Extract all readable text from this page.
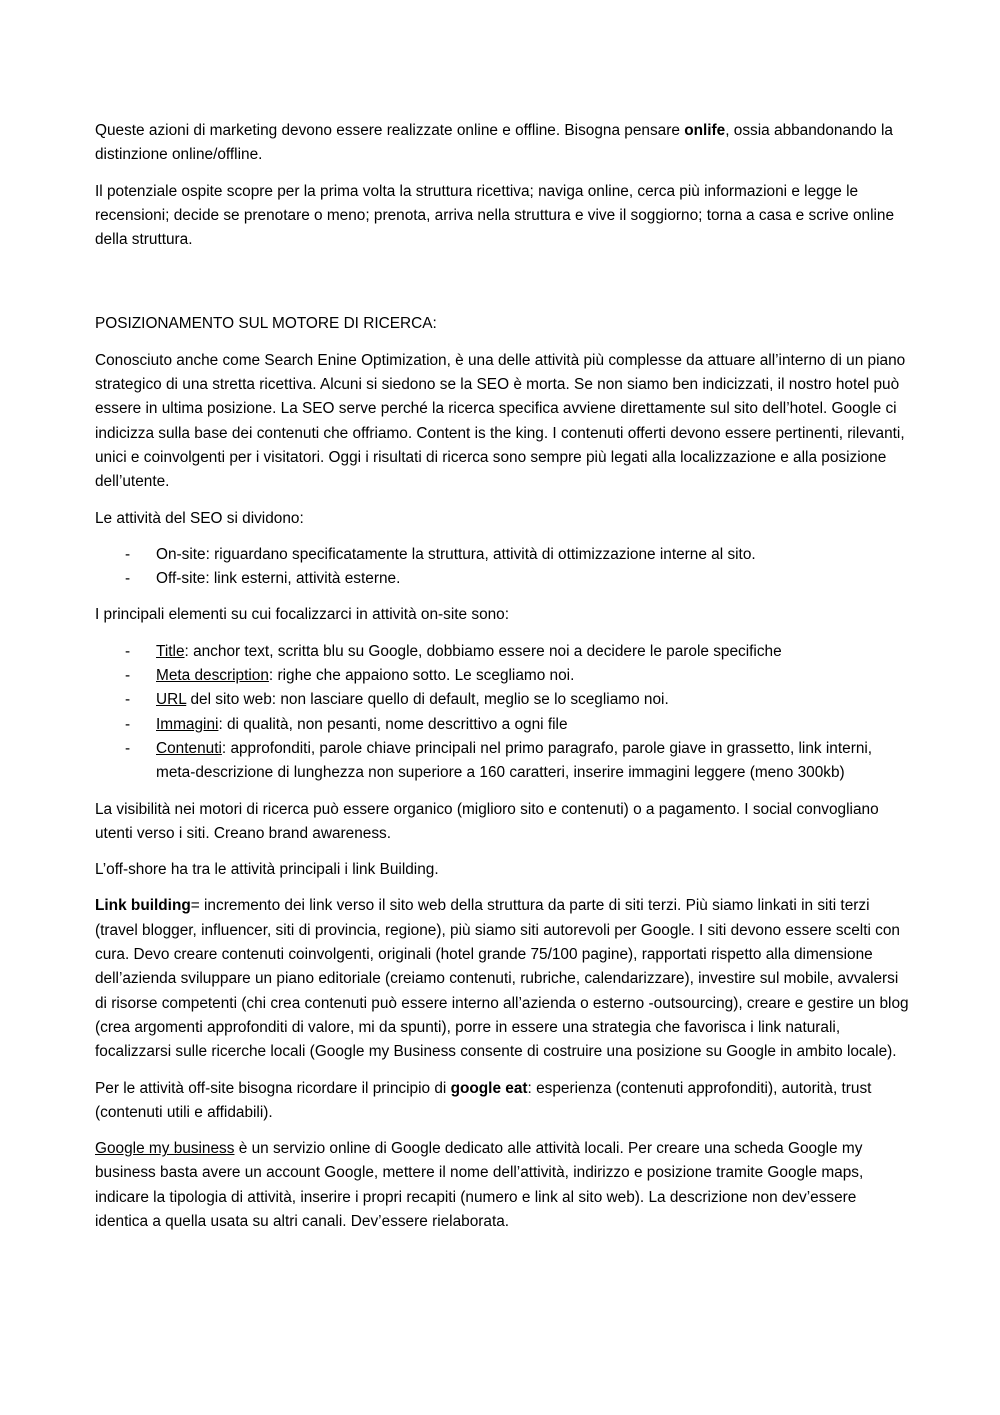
Queste azioni di marketing devono essere realizzate online e offline. Bisogna pensare onlife, ossia abbandonando la distinzione online/offline.

Il potenziale ospite scopre per la prima volta la struttura ricettiva; naviga online, cerca più informazioni e legge le recensioni; decide se prenotare o meno; prenota, arriva nella struttura e vive il soggiorno; torna a casa e scrive online della struttura.

POSIZIONAMENTO SUL MOTORE DI RICERCA:

Conosciuto anche come Search Enine Optimization, è una delle attività più complesse da attuare all’interno di un piano strategico di una stretta ricettiva. Alcuni si siedono se la SEO è morta. Se non siamo ben indicizzati, il nostro hotel può essere in ultima posizione. La SEO serve perché la ricerca specifica avviene direttamente sul sito dell’hotel. Google ci indicizza sulla base dei contenuti che offriamo. Content is the king. I contenuti offerti devono essere pertinenti, rilevanti, unici e coinvolgenti per i visitatori. Oggi i risultati di ricerca sono sempre più legati alla localizzazione e alla posizione dell’utente.

Le attività del SEO si dividono:

- On-site: riguardano specificatamente la struttura, attività di ottimizzazione interne al sito.
- Off-site: link esterni, attività esterne.

I principali elementi su cui focalizzarci in attività on-site sono:

- Title: anchor text, scritta blu su Google, dobbiamo essere noi a decidere le parole specifiche
- Meta description: righe che appaiono sotto. Le scegliamo noi.
- URL del sito web: non lasciare quello di default, meglio se lo scegliamo noi.
- Immagini: di qualità, non pesanti, nome descrittivo a ogni file
- Contenuti: approfonditi, parole chiave principali nel primo paragrafo, parole giave in grassetto, link interni, meta-descrizione di lunghezza non superiore a 160 caratteri, inserire immagini leggere (meno 300kb)

La visibilità nei motori di ricerca può essere organico (miglioro sito e contenuti) o a pagamento. I social convogliano utenti verso i siti. Creano brand awareness.

L’off-shore ha tra le attività principali i link Building.

Link building= incremento dei link verso il sito web della struttura da parte di siti terzi. Più siamo linkati in siti terzi (travel blogger, influencer, siti di provincia, regione), più siamo siti autorevoli per Google. I siti devono essere scelti con cura. Devo creare contenuti coinvolgenti, originali (hotel grande 75/100 pagine), rapportati rispetto alla dimensione dell’azienda sviluppare un piano editoriale (creiamo contenuti, rubriche, calendarizzare), investire sul mobile, avvalersi di risorse competenti (chi crea contenuti può essere interno all’azienda o esterno -outsourcing), creare e gestire un blog (crea argomenti approfonditi di valore, mi da spunti), porre in essere una strategia che favorisca i link naturali, focalizzarsi sulle ricerche locali (Google my Business consente di costruire una posizione su Google in ambito locale).

Per le attività off-site bisogna ricordare il principio di google eat: esperienza (contenuti approfonditi), autorità, trust (contenuti utili e affidabili).

Google my business è un servizio online di Google dedicato alle attività locali. Per creare una scheda Google my business basta avere un account Google, mettere il nome dell’attività, indirizzo e posizione tramite Google maps, indicare la tipologia di attività, inserire i propri recapiti (numero e link al sito web). La descrizione non dev’essere identica a quella usata su altri canali. Dev’essere rielaborata.
